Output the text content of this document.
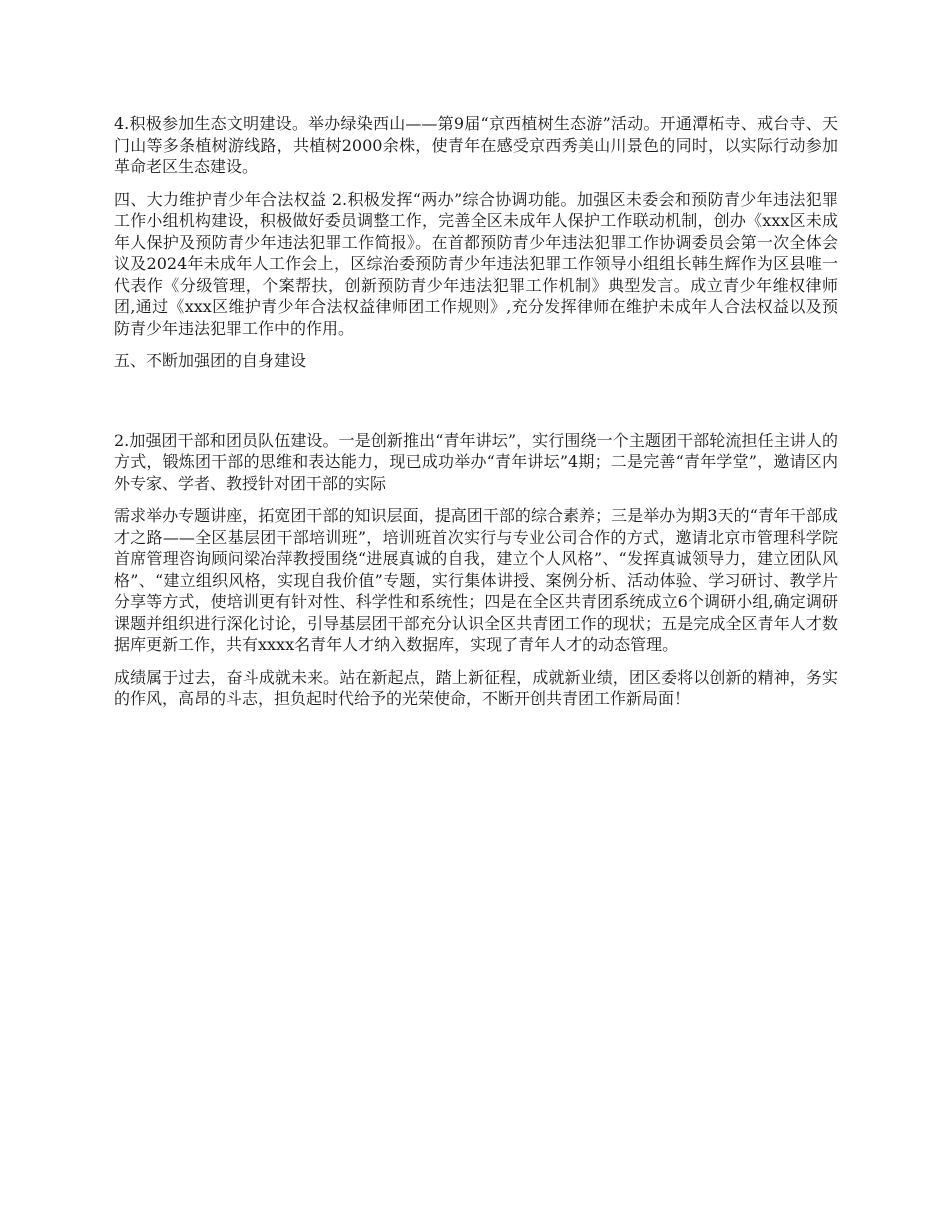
4.积极参加生态文明建设。举办绿染西山——第9届“京西植树生态游”活动。开通潭柘寺、戒台寺、天门山等多条植树游线路，共植树2000余株，使青年在感受京西秀美山川景色的同时，以实际行动参加革命老区生态建设。

四、大力维护青少年合法权益 2.积极发挥“两办”综合协调功能。加强区未委会和预防青少年违法犯罪工作小组机构建设，积极做好委员调整工作，完善全区未成年人保护工作联动机制，创办《xxx区未成年人保护及预防青少年违法犯罪工作简报》。在首都预防青少年违法犯罪工作协调委员会第一次全体会议及2024年未成年人工作会上，区综治委预防青少年违法犯罪工作领导小组组长韩生辉作为区县唯一代表作《分级管理，个案帮扶，创新预防青少年违法犯罪工作机制》典型发言。成立青少年维权律师团,通过《xxx区维护青少年合法权益律师团工作规则》,充分发挥律师在维护未成年人合法权益以及预防青少年违法犯罪工作中的作用。

五、不断加强团的自身建设

2.加强团干部和团员队伍建设。一是创新推出“青年讲坛”，实行围绕一个主题团干部轮流担任主讲人的方式，锻炼团干部的思维和表达能力，现已成功举办“青年讲坛”4期；二是完善“青年学堂”，邀请区内外专家、学者、教授针对团干部的实际

需求举办专题讲座，拓宽团干部的知识层面，提高团干部的综合素养；三是举办为期3天的“青年干部成才之路——全区基层团干部培训班”，培训班首次实行与专业公司合作的方式，邀请北京市管理科学院首席管理咨询顾问梁冶萍教授围绕“进展真诚的自我，建立个人风格”、“发挥真诚领导力，建立团队风格”、“建立组织风格，实现自我价值”专题，实行集体讲授、案例分析、活动体验、学习研讨、教学片分享等方式，使培训更有针对性、科学性和系统性；四是在全区共青团系统成立6个调研小组,确定调研课题并组织进行深化讨论，引导基层团干部充分认识全区共青团工作的现状；五是完成全区青年人才数据库更新工作，共有xxxx名青年人才纳入数据库，实现了青年人才的动态管理。

成绩属于过去，奋斗成就未来。站在新起点，踏上新征程，成就新业绩，团区委将以创新的精神，务实的作风，高昂的斗志，担负起时代给予的光荣使命，不断开创共青团工作新局面！
